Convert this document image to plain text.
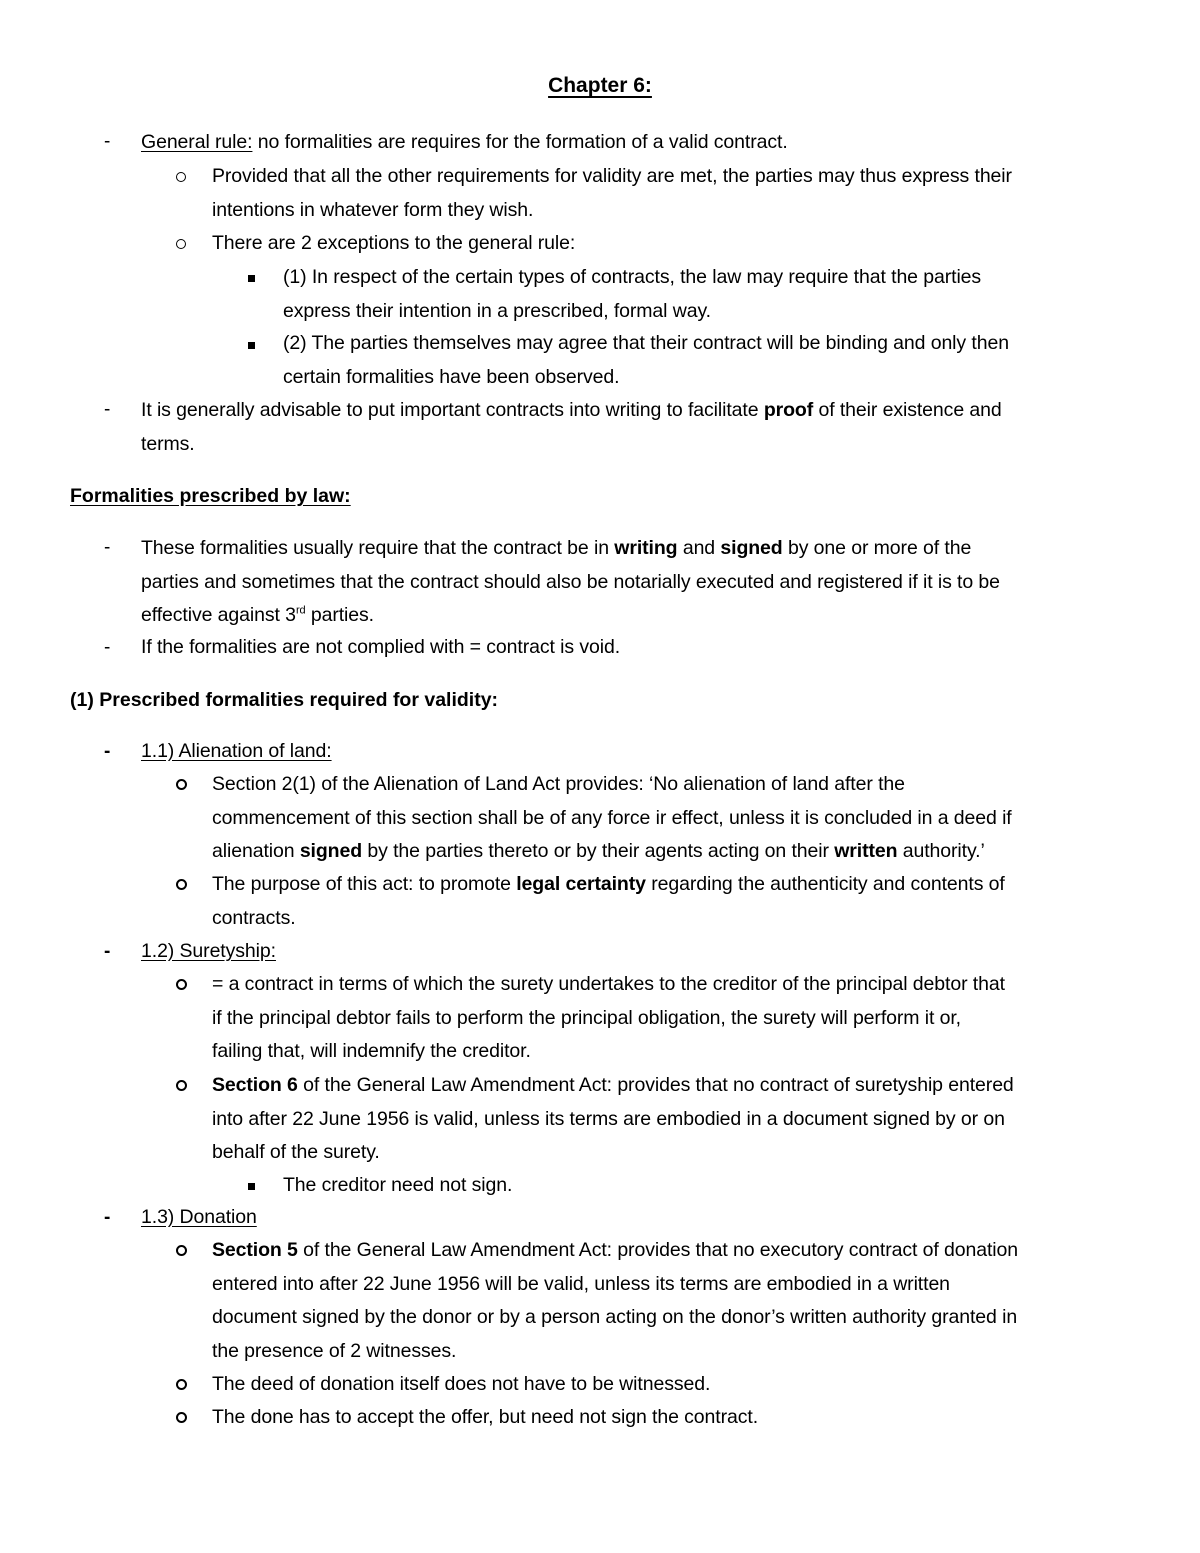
Chapter 6:
- General rule: no formalities are requires for the formation of a valid contract.
Provided that all the other requirements for validity are met, the parties may thus express their
intentions in whatever form they wish.
There are 2 exceptions to the general rule:
(1) In respect of the certain types of contracts, the law may require that the parties
express their intention in a prescribed, formal way.
(2) The parties themselves may agree that their contract will be binding and only then
certain formalities have been observed.
- It is generally advisable to put important contracts into writing to facilitate proof of their existence and
terms.
Formalities prescribed by law:
- These formalities usually require that the contract be in writing and signed by one or more of the
parties and sometimes that the contract should also be notarially executed and registered if it is to be
effective against 3rd parties.
- If the formalities are not complied with = contract is void.
(1) Prescribed formalities required for validity:
- 1.1) Alienation of land:
Section 2(1) of the Alienation of Land Act provides: ‘No alienation of land after the
commencement of this section shall be of any force ir effect, unless it is concluded in a deed if
alienation signed by the parties thereto or by their agents acting on their written authority.’
The purpose of this act: to promote legal certainty regarding the authenticity and contents of
contracts.
- 1.2) Suretyship:
= a contract in terms of which the surety undertakes to the creditor of the principal debtor that
if the principal debtor fails to perform the principal obligation, the surety will perform it or,
failing that, will indemnify the creditor.
Section 6 of the General Law Amendment Act: provides that no contract of suretyship entered
into after 22 June 1956 is valid, unless its terms are embodied in a document signed by or on
behalf of the surety.
The creditor need not sign.
- 1.3) Donation
Section 5 of the General Law Amendment Act: provides that no executory contract of donation
entered into after 22 June 1956 will be valid, unless its terms are embodied in a written
document signed by the donor or by a person acting on the donor’s written authority granted in
the presence of 2 witnesses.
The deed of donation itself does not have to be witnessed.
The done has to accept the offer, but need not sign the contract.
